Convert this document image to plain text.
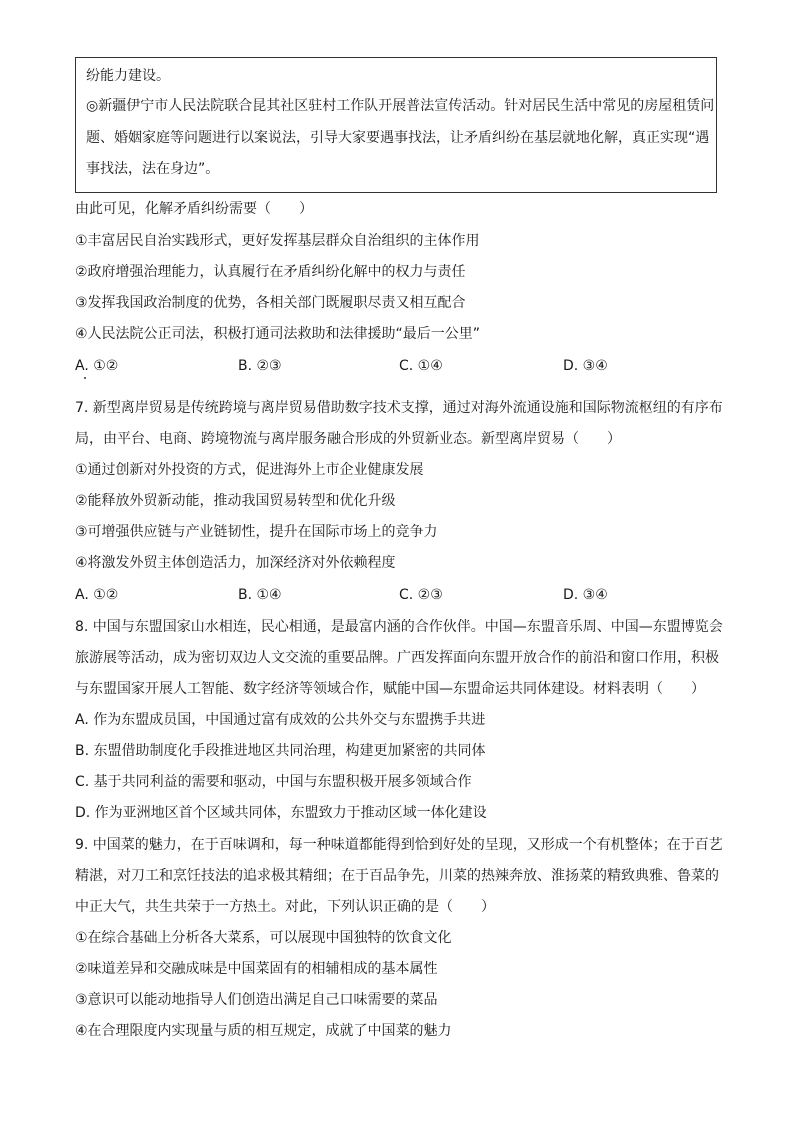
纷能力建设。
◎新疆伊宁市人民法院联合昆其社区驻村工作队开展普法宣传活动。针对居民生活中常见的房屋租赁问
题、婚姻家庭等问题进行以案说法，引导大家要遇事找法，让矛盾纠纷在基层就地化解，真正实现“遇
事找法，法在身边”。
由此可见，化解矛盾纠纷需要（　　）
①丰富居民自治实践形式，更好发挥基层群众自治组织的主体作用
②政府增强治理能力，认真履行在矛盾纠纷化解中的权力与责任
③发挥我国政治制度的优势，各相关部门既履职尽责又相互配合
④人民法院公正司法，积极打通司法救助和法律援助“最后一公里”
A. ①②	B. ②③	C. ①④	D. ③④
7. 新型离岸贸易是传统跨境与离岸贸易借助数字技术支撑，通过对海外流通设施和国际物流枢纽的有序布
局，由平台、电商、跨境物流与离岸服务融合形成的外贸新业态。新型离岸贸易（　　）
①通过创新对外投资的方式，促进海外上市企业健康发展
②能释放外贸新动能，推动我国贸易转型和优化升级
③可增强供应链与产业链韧性，提升在国际市场上的竞争力
④将激发外贸主体创造活力，加深经济对外依赖程度
A. ①②	B. ①④	C. ②③	D. ③④
8. 中国与东盟国家山水相连，民心相通，是最富内涵的合作伙伴。中国—东盟音乐周、中国—东盟博览会
旅游展等活动，成为密切双边人文交流的重要品牌。广西发挥面向东盟开放合作的前沿和窗口作用，积极
与东盟国家开展人工智能、数字经济等领域合作，赋能中国—东盟命运共同体建设。材料表明（　　）
A. 作为东盟成员国，中国通过富有成效的公共外交与东盟携手共进
B. 东盟借助制度化手段推进地区共同治理，构建更加紧密的共同体
C. 基于共同利益的需要和驱动，中国与东盟积极开展多领域合作
D. 作为亚洲地区首个区域共同体，东盟致力于推动区域一体化建设
9. 中国菜的魅力，在于百味调和，每一种味道都能得到恰到好处的呈现，又形成一个有机整体；在于百艺
精湛，对刀工和烹饪技法的追求极其精细；在于百品争先，川菜的热辣奔放、淮扬菜的精致典雅、鲁菜的
中正大气，共生共荣于一方热土。对此，下列认识正确的是（　　）
①在综合基础上分析各大菜系，可以展现中国独特的饮食文化
②味道差异和交融成味是中国菜固有的相辅相成的基本属性
③意识可以能动地指导人们创造出满足自己口味需要的菜品
④在合理限度内实现量与质的相互规定，成就了中国菜的魅力
